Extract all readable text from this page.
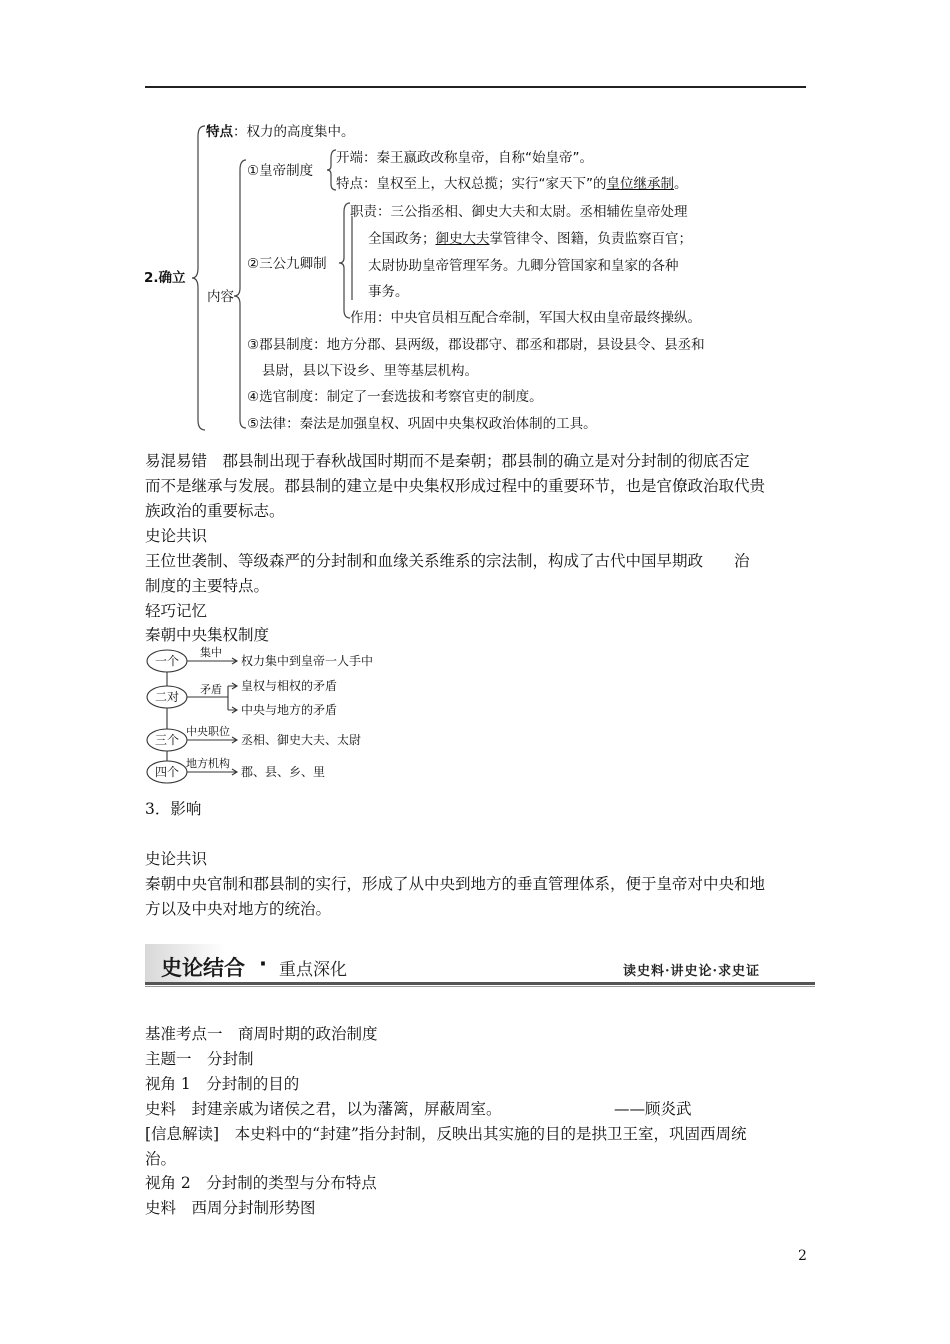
2.确立
特点：权力的高度集中。
内容
①皇帝制度
开端：秦王嬴政改称皇帝，自称“始皇帝”。
特点：皇权至上，大权总揽；实行“家天下”的皇位继承制。
②三公九卿制
职责：三公指丞相、御史大夫和太尉。丞相辅佐皇帝处理
全国政务；御史大夫掌管律令、图籍，负责监察百官；
太尉协助皇帝管理军务。九卿分管国家和皇家的各种
事务。
作用：中央官员相互配合牵制，军国大权由皇帝最终操纵。
③郡县制度：地方分郡、县两级，郡设郡守、郡丞和郡尉，县设县令、县丞和
县尉，县以下设乡、里等基层机构。
④选官制度：制定了一套选拔和考察官吏的制度。
⑤法律：秦法是加强皇权、巩固中央集权政治体制的工具。
易混易错　郡县制出现于春秋战国时期而不是秦朝；郡县制的确立是对分封制的彻底否定
而不是继承与发展。郡县制的建立是中央集权形成过程中的重要环节，也是官僚政治取代贵
族政治的重要标志。
史论共识
王位世袭制、等级森严的分封制和血缘关系维系的宗法制，构成了古代中国早期政　　治
制度的主要特点。
轻巧记忆
秦朝中央集权制度
一个
二对
三个
四个
集中
矛盾
中央职位
地方机构
权力集中到皇帝一人手中
皇权与相权的矛盾
中央与地方的矛盾
丞相、御史大夫、太尉
郡、县、乡、里
3．影响
史论共识
秦朝中央官制和郡县制的实行，形成了从中央到地方的垂直管理体系，便于皇帝对中央和地
方以及中央对地方的统治。
史论结合 · 重点深化	读史料·讲史论·求史证
基准考点一　商周时期的政治制度
主题一　分封制
视角 1　分封制的目的
史料　封建亲戚为诸侯之君，以为藩篱，屏蔽周室。	——顾炎武
[信息解读]　本史料中的“封建”指分封制，反映出其实施的目的是拱卫王室，巩固西周统
治。
视角 2　分封制的类型与分布特点
史料　西周分封制形势图
2
